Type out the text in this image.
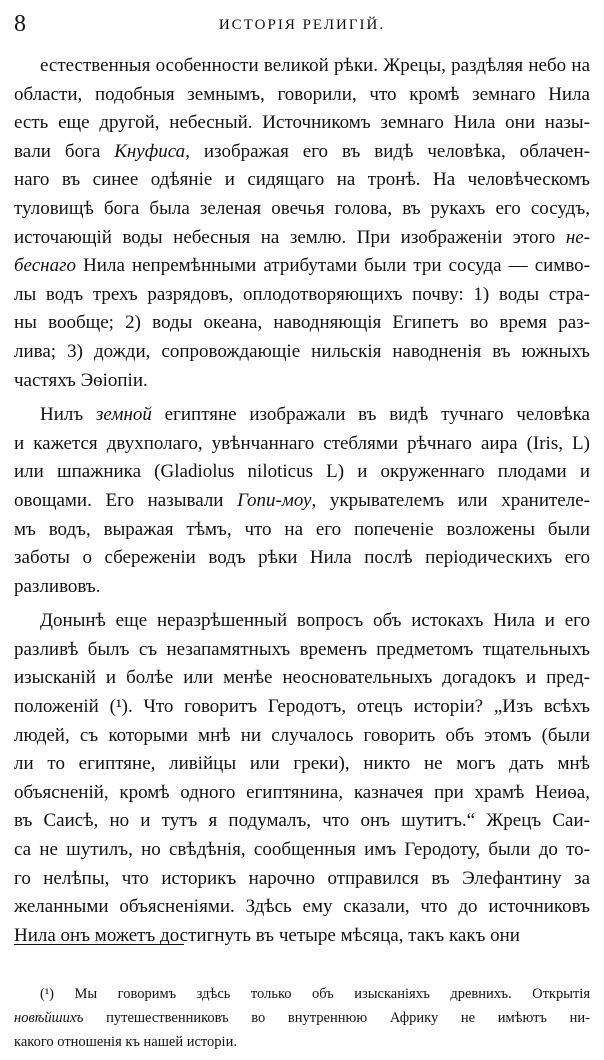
8	ИСТОРIЯ РЕЛИГIЙ.

естественныя особенности великой рѣки. Жрецы, раздѣляя небо на
области, подобныя земнымъ, говорили, что кромѣ земнаго Нила
есть еще другой, небесный. Источникомъ земнаго Нила они назы-
вали бога Кнуфиса, изображая его въ видѣ человѣка, облачен-
наго въ синее одѣянiе и сидящаго на тронѣ. На человѣческомъ
туловищѣ бога была зеленая овечья голова, въ рукахъ его сосудъ,
источающiй воды небесныя на землю. При изображенiи этого не-
беснаго Нила непремѣнными атрибутами были три сосуда — симво-
лы водъ трехъ разрядовъ, оплодотворяющихъ почву: 1) воды стра-
ны вообще; 2) воды океана, наводняющiя Египетъ во время раз-
лива; 3) дожди, сопровождающiе нильскiя наводненiя въ южныхъ
частяхъ Эѳiопiи.

Нилъ земной египтяне изображали въ видѣ тучнаго человѣка
и кажется двухполаго, увѣнчаннаго стеблями рѣчнаго аира (Iris, L)
или шпажника (Gladiolus niloticus L) и окруженнаго плодами и
овощами. Его называли Гопи-моу, укрывателемъ или хранителе-
мъ водъ, выражая тѣмъ, что на его попеченiе возложены были
заботы о сбереженiи водъ рѣки Нила послѣ перiодическихъ его
разливовъ.

Донынѣ еще неразрѣшенный вопросъ объ истокахъ Нила и его
разливѣ былъ съ незапамятныхъ временъ предметомъ тщательныхъ
изысканiй и болѣе или менѣе неосновательныхъ догадокъ и пред-
положенiй (¹). Что говоритъ Геродотъ, отецъ исторiи? „Изъ всѣхъ
людей, съ которыми мнѣ ни случалось говорить объ этомъ (были
ли то египтяне, ливiйцы или греки), никто не могъ дать мнѣ
объясненiй, кромѣ одного египтянина, казначея при храмѣ Неиѳа,
въ Саисѣ, но и тутъ я подумалъ, что онъ шутитъ.“ Жрецъ Саи-
са не шутилъ, но свѣдѣнiя, сообщенныя имъ Геродоту, были до то-
го нелѣпы, что историкъ нарочно отправился въ Элефантину за
желанными объясненiями. Здѣсь ему сказали, что до источниковъ
Нила онъ можетъ достигнуть въ четыре мѣсяца, такъ какъ они

(¹) Мы говоримъ здѣсь только объ изысканiяхъ древнихъ. Открытiя
новѣйшихъ путешественниковъ во внутреннюю Африку не имѣютъ ни-
какого отношенiя къ нашей исторiи.
